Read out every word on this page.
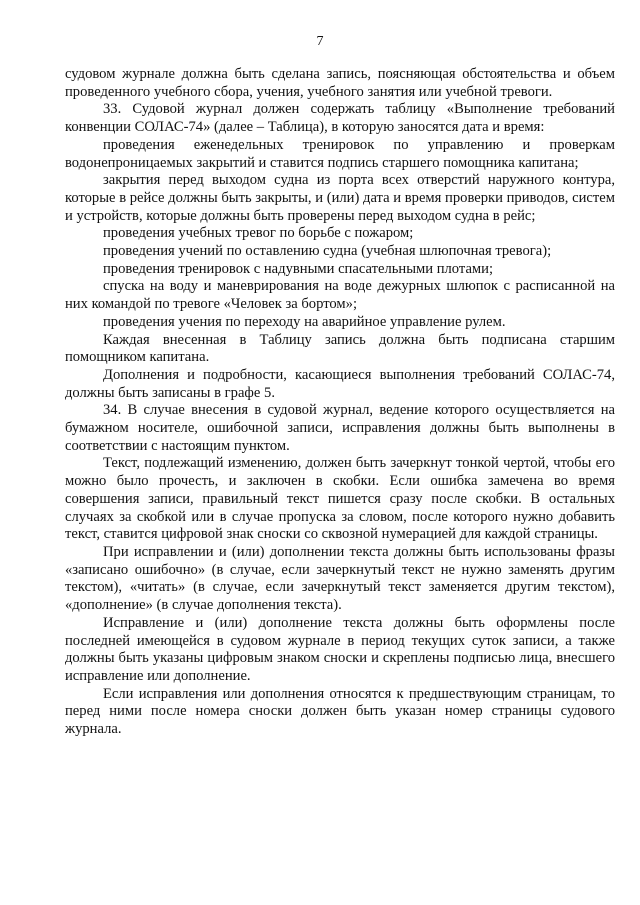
7

судовом журнале должна быть сделана запись, поясняющая обстоятельства и объем проведенного учебного сбора, учения, учебного занятия или учебной тревоги.

33. Судовой журнал должен содержать таблицу «Выполнение требований конвенции СОЛАС-74» (далее – Таблица), в которую заносятся дата и время:

проведения еженедельных тренировок по управлению и проверкам водонепроницаемых закрытий и ставится подпись старшего помощника капитана;

закрытия перед выходом судна из порта всех отверстий наружного контура, которые в рейсе должны быть закрыты, и (или) дата и время проверки приводов, систем и устройств, которые должны быть проверены перед выходом судна в рейс;

проведения учебных тревог по борьбе с пожаром;

проведения учений по оставлению судна (учебная шлюпочная тревога);

проведения тренировок с надувными спасательными плотами;

спуска на воду и маневрирования на воде дежурных шлюпок с расписанной на них командой по тревоге «Человек за бортом»;

проведения учения по переходу на аварийное управление рулем.

Каждая внесенная в Таблицу запись должна быть подписана старшим помощником капитана.

Дополнения и подробности, касающиеся выполнения требований СОЛАС-74, должны быть записаны в графе 5.

34. В случае внесения в судовой журнал, ведение которого осуществляется на бумажном носителе, ошибочной записи, исправления должны быть выполнены в соответствии с настоящим пунктом.

Текст, подлежащий изменению, должен быть зачеркнут тонкой чертой, чтобы его можно было прочесть, и заключен в скобки. Если ошибка замечена во время совершения записи, правильный текст пишется сразу после скобки. В остальных случаях за скобкой или в случае пропуска за словом, после которого нужно добавить текст, ставится цифровой знак сноски со сквозной нумерацией для каждой страницы.

При исправлении и (или) дополнении текста должны быть использованы фразы «записано ошибочно» (в случае, если зачеркнутый текст не нужно заменять другим текстом), «читать» (в случае, если зачеркнутый текст заменяется другим текстом), «дополнение» (в случае дополнения текста).

Исправление и (или) дополнение текста должны быть оформлены после последней имеющейся в судовом журнале в период текущих суток записи, а также должны быть указаны цифровым знаком сноски и скреплены подписью лица, внесшего исправление или дополнение.

Если исправления или дополнения относятся к предшествующим страницам, то перед ними после номера сноски должен быть указан номер страницы судового журнала.
